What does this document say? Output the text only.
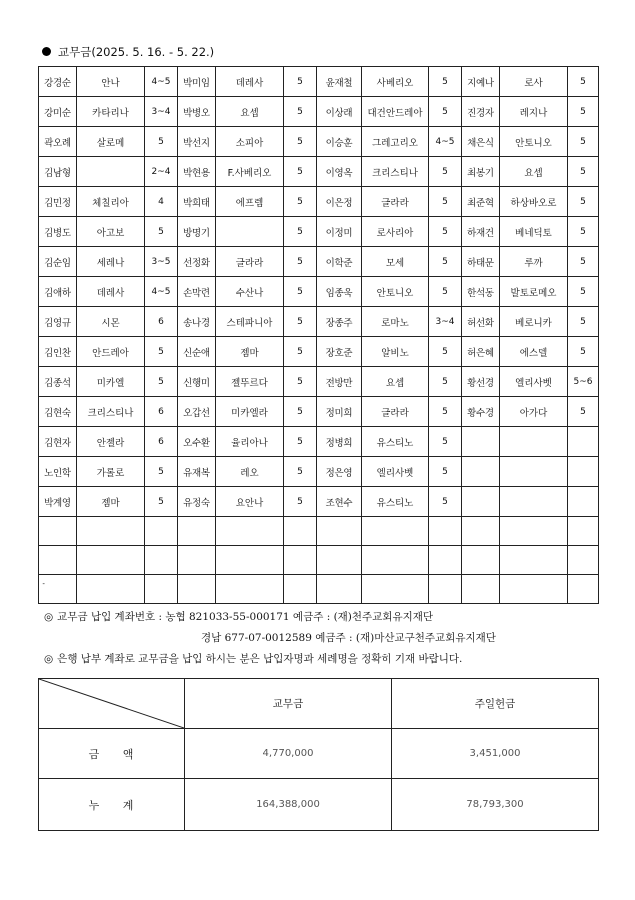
교무금(2025. 5. 16. - 5. 22.)
강경순	안나	4~5	박미임	데레사	5	윤재철	사베리오	5	지예나	로사	5
강미순	카타리나	3~4	박병오	요셉	5	이상래	대건안드레아	5	진경자	레지나	5
곽오례	살로메	5	박선지	소피아	5	이승훈	그레고리오	4~5	채은식	안토니오	5
김남형		2~4	박현용	F.사베리오	5	이영옥	크리스티나	5	최봉기	요셉	5
김민정	체칠리아	4	박희태	에프렘	5	이은정	글라라	5	최준혁	하상바오로	5
김병도	아고보	5	방명기		5	이정미	로사리아	5	하재건	베네딕토	5
김순임	세레나	3~5	선정화	글라라	5	이학준	모세	5	하태문	루까	5
김애하	데레사	4~5	손막련	수산나	5	임종욱	안토니오	5	한석동	발토로메오	5
김영규	시몬	6	송나경	스테파니아	5	장종주	로마노	3~4	허선화	베로니카	5
김인찬	안드레아	5	신순애	젬마	5	장호준	알비노	5	허은혜	에스델	5
김종석	미카엘	5	신행미	젤뚜르다	5	전방만	요셉	5	황선경	엘리사벳	5~6
김현숙	크리스티나	6	오갑선	미카엘라	5	정미희	글라라	5	황수경	아가다	5
김현자	안젤라	6	오수환	율리아나	5	정병희	유스티노	5			
노인학	가롤로	5	유재복	레오	5	정은영	엘리사벳	5			
박계영	젬마	5	유정숙	요안나	5	조현수	유스티노	5			

-											
◎ 교무금 납입 계좌번호 : 농협 821033-55-000171 예금주 : (재)천주교회유지재단
경남 677-07-0012589 예금주 : (재)마산교구천주교회유지재단
◎ 은행 납부 계좌로 교무금을 납입 하시는 분은 납입자명과 세례명을 정확히 기재 바랍니다.
	교무금	주일헌금
금 액	4,770,000	3,451,000
누 계	164,388,000	78,793,300
